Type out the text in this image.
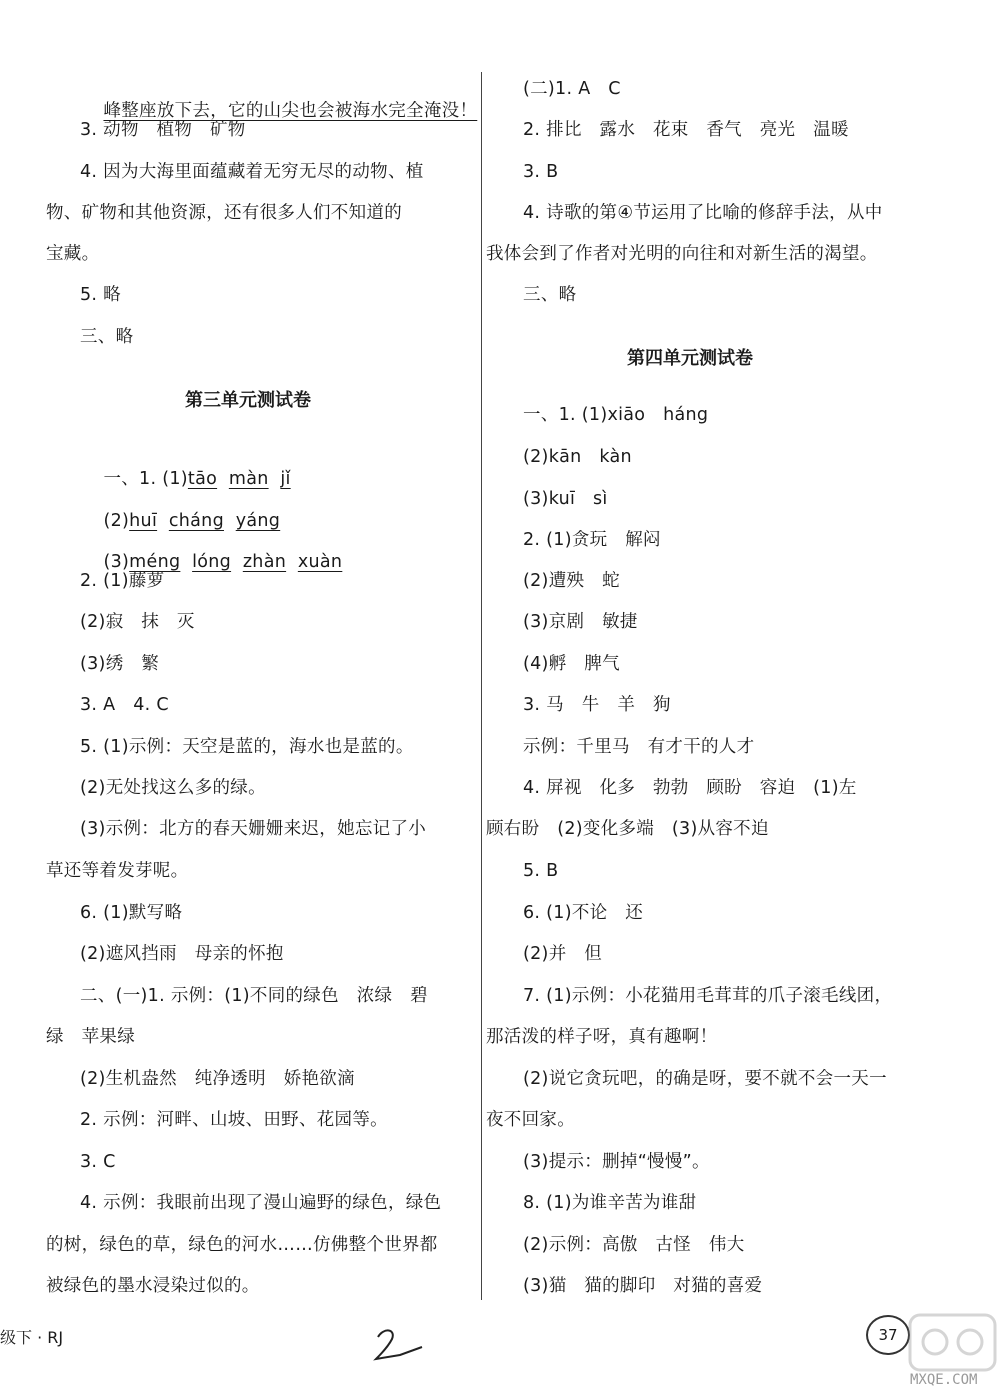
峰整座放下去，它的山尖也会被海水完全淹没！

3. 动物　植物　矿物
4. 因为大海里面蕴藏着无穷无尽的动物、植
物、矿物和其他资源，还有很多人们不知道的
宝藏。
5. 略
三、略
第三单元测试卷

一、1. (1)tāo màn jǐ

(2)huī cháng yáng

(3)méng lóng zhàn xuàn

2. (1)藤萝
(2)寂　抹　灭
(3)绣　繁
3. A　4. C
5. (1)示例：天空是蓝的，海水也是蓝的。
(2)无处找这么多的绿。
(3)示例：北方的春天姗姗来迟，她忘记了小
草还等着发芽呢。
6. (1)默写略
(2)遮风挡雨　母亲的怀抱
二、(一)1. 示例：(1)不同的绿色　浓绿　碧
绿　苹果绿
(2)生机盎然　纯净透明　娇艳欲滴
2. 示例：河畔、山坡、田野、花园等。
3. C
4. 示例：我眼前出现了漫山遍野的绿色，绿色
的树，绿色的草，绿色的河水……仿佛整个世界都
被绿色的墨水浸染过似的。
(二)1. A　C
2. 排比　露水　花束　香气　亮光　温暖
3. B
4. 诗歌的第④节运用了比喻的修辞手法，从中
我体会到了作者对光明的向往和对新生活的渴望。
三、略
第四单元测试卷
一、1. (1)xiāo　háng
(2)kān　kàn
(3)kuī　sì
2. (1)贪玩　解闷
(2)遭殃　蛇
(3)京剧　敏捷
(4)孵　脾气
3. 马　牛　羊　狗
示例：千里马　有才干的人才
4. 屏视　化多　勃勃　顾盼　容迫　(1)左
顾右盼　(2)变化多端　(3)从容不迫
5. B
6. (1)不论　还
(2)并　但
7. (1)示例：小花猫用毛茸茸的爪子滚毛线团，
那活泼的样子呀，真有趣啊！
(2)说它贪玩吧，的确是呀，要不就不会一天一
夜不回家。
(3)提示：删掉“慢慢”。
8. (1)为谁辛苦为谁甜
(2)示例：高傲　古怪　伟大
(3)猫　猫的脚印　对猫的喜爱
级下 · RJ	37
MXQE.COM
